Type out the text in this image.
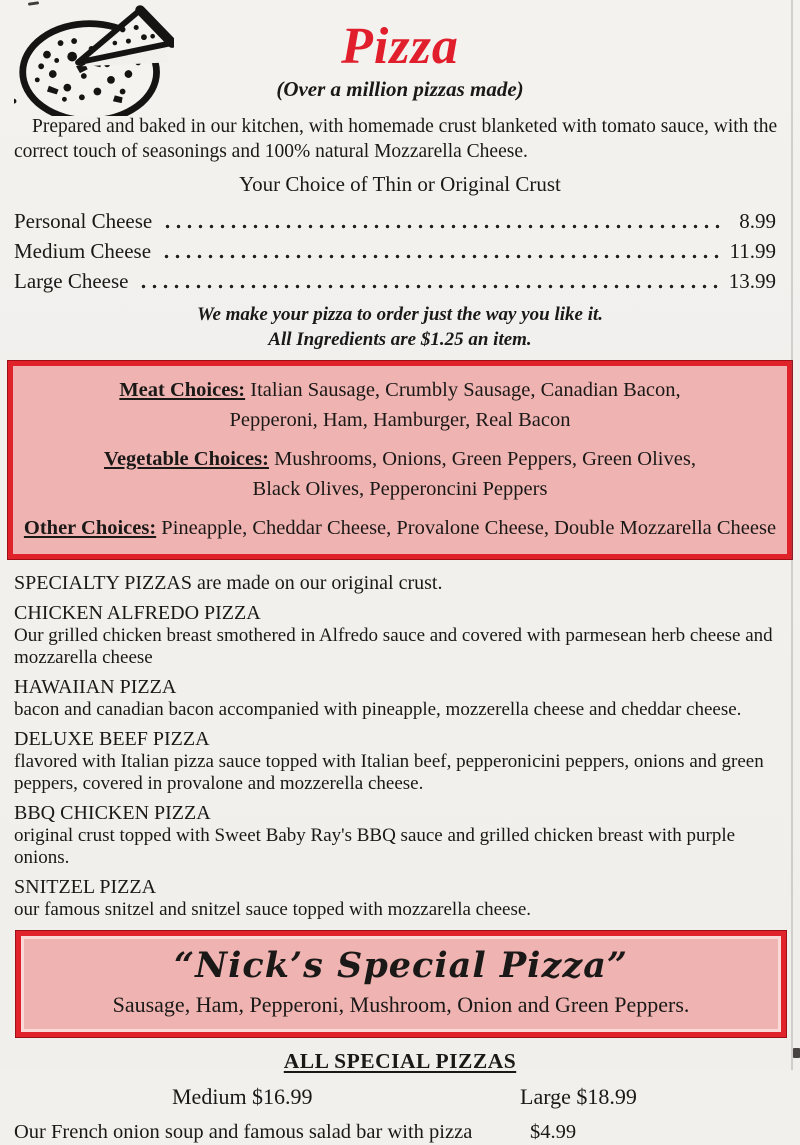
Pizza
(Over a million pizzas made)
Prepared and baked in our kitchen, with homemade crust blanketed with tomato sauce, with the
correct touch of seasonings and 100% natural Mozzarella Cheese.
Your Choice of Thin or Original Crust
Personal Cheese	8.99
Medium Cheese	11.99
Large Cheese	13.99
We make your pizza to order just the way you like it.
All Ingredients are $1.25 an item.
Meat Choices: Italian Sausage, Crumbly Sausage, Canadian Bacon,
Pepperoni, Ham, Hamburger, Real Bacon
Vegetable Choices: Mushrooms, Onions, Green Peppers, Green Olives,
Black Olives, Pepperoncini Peppers
Other Choices: Pineapple, Cheddar Cheese, Provalone Cheese, Double Mozzarella Cheese
SPECIALTY PIZZAS are made on our original crust.
CHICKEN ALFREDO PIZZA
Our grilled chicken breast smothered in Alfredo sauce and covered with parmesean herb cheese and mozzarella cheese
HAWAIIAN PIZZA
bacon and canadian bacon accompanied with pineapple, mozzerella cheese and cheddar cheese.
DELUXE BEEF PIZZA
flavored with Italian pizza sauce topped with Italian beef, pepperonicini peppers, onions and green peppers, covered in provalone and mozzerella cheese.
BBQ CHICKEN PIZZA
original crust topped with Sweet Baby Ray's BBQ sauce and grilled chicken breast with purple onions.
SNITZEL PIZZA
our famous snitzel and snitzel sauce topped with mozzarella cheese.
“Nick’s Special Pizza”
Sausage, Ham, Pepperoni, Mushroom, Onion and Green Peppers.
ALL SPECIAL PIZZAS
Medium $16.99	Large $18.99
Our French onion soup and famous salad bar with pizza	$4.99
